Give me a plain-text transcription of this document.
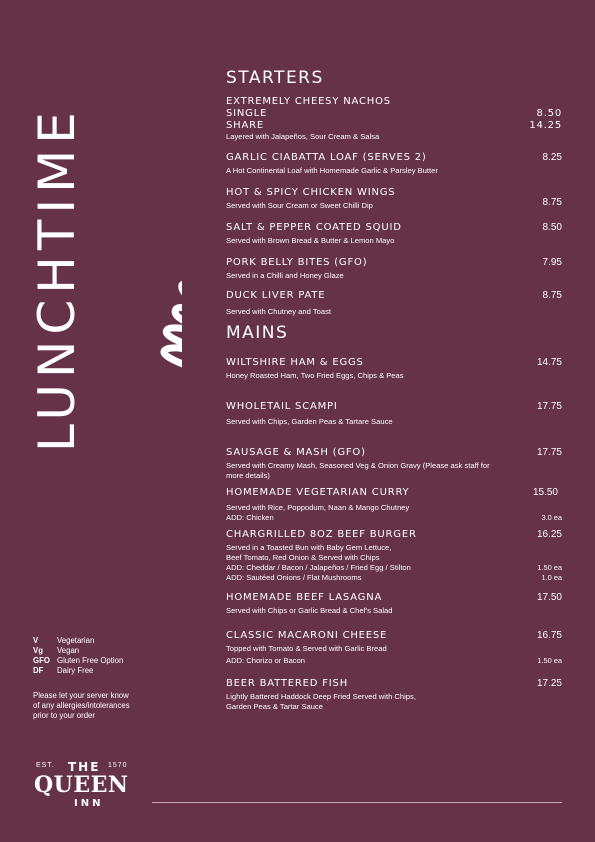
LUNCHTIME
STARTERS
EXTREMELY CHEESY NACHOS
SINGLE	8.50
SHARE	14.25
Layered with Jalapeños, Sour Cream & Salsa
GARLIC CIABATTA LOAF (SERVES 2)	8.25
A Hot Continental Loaf with Homemade Garlic & Parsley Butter
HOT & SPICY CHICKEN WINGS
8.75
Served with Sour Cream or Sweet Chilli Dip
SALT & PEPPER COATED SQUID	8.50
Served with Brown Bread & Butter & Lemon Mayo
PORK BELLY BITES (GFO)	7.95
Served in a Chilli and Honey Glaze
DUCK LIVER PATE	8.75
Served with Chutney and Toast
MAINS
WILTSHIRE HAM & EGGS	14.75
Honey Roasted Ham, Two Fried Eggs, Chips & Peas
WHOLETAIL SCAMPI	17.75
Served with Chips, Garden Peas & Tartare Sauce
SAUSAGE & MASH (GFO)	17.75
Served with Creamy Mash, Seasoned Veg & Onion Gravy (Please ask staff for
more details)
HOMEMADE VEGETARIAN CURRY	15.50
Served with Rice, Poppodum, Naan & Mango Chutney
ADD: Chicken	3.0 ea
CHARGRILLED 8OZ BEEF BURGER	16.25
Served in a Toasted Bun with Baby Gem Lettuce,
Beef Tomato, Red Onion & Served with Chips
ADD: Cheddar / Bacon / Jalapeños / Fried Egg / Stilton	1.50 ea
ADD: Sautéed Onions / Flat Mushrooms	1.0 ea
HOMEMADE BEEF LASAGNA	17.50
Served with Chips or Garlic Bread & Chef's Salad
CLASSIC MACARONI CHEESE	16.75
Topped with Tomato & Served with Garlic Bread
ADD: Chorizo or Bacon	1.50 ea
BEER BATTERED FISH	17.25
Lightly Battered Haddock Deep Fried Served with Chips,
Garden Peas & Tartar Sauce
V Vegetarian
Vg Vegan
GFO Gluten Free Option
DF Dairy Free
Please let your server know
of any allergies/intolerances
prior to your order
EST. THE 1570
QUEEN
INN
